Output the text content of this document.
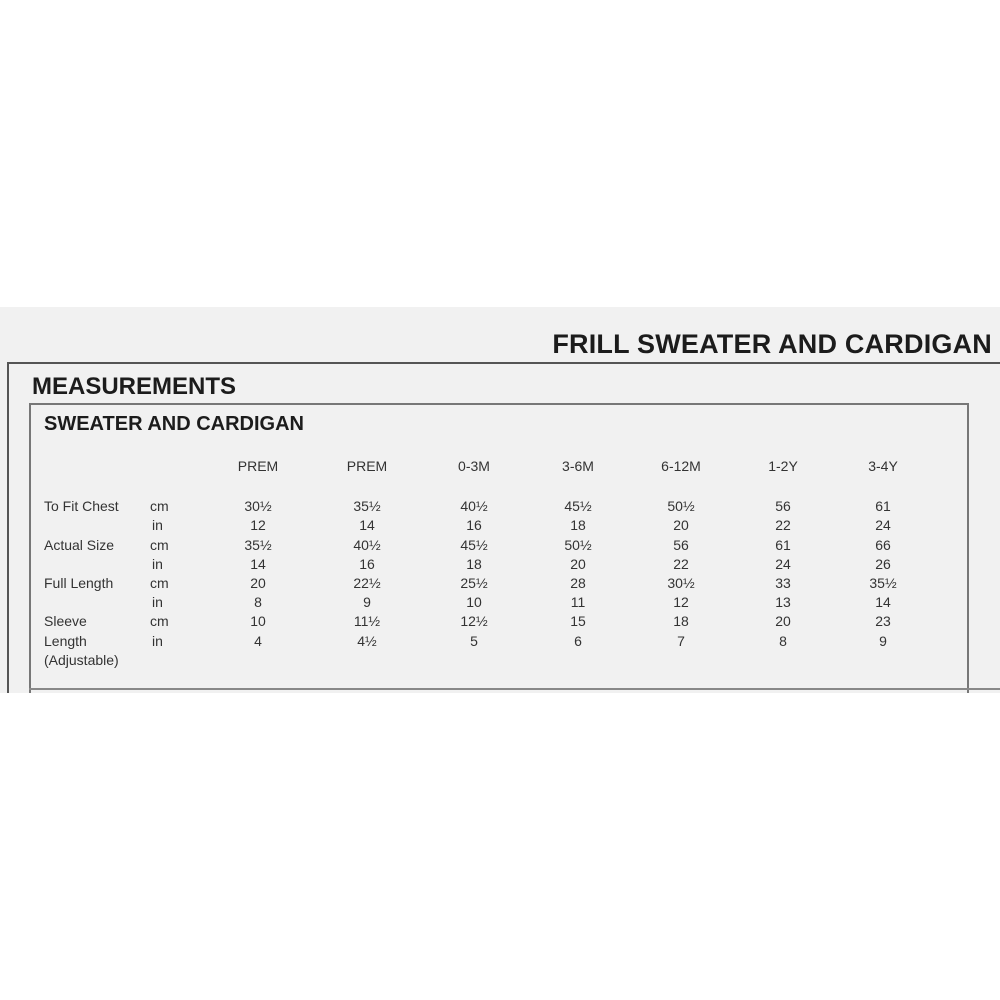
FRILL SWEATER AND CARDIGAN
MEASUREMENTS
SWEATER AND CARDIGAN
PREM	PREM	0-3M	3-6M	6-12M	1-2Y	3-4Y
To Fit Chest cm	30½	35½	40½	45½	50½	56	61
in	12	14	16	18	20	22	24
Actual Size	cm	35½	40½	45½	50½	56	61	66
in	14	16	18	20	22	24	26
Full Length	cm	20	22½	25½	28	30½	33	35½
in	8	9	10	11	12	13	14
Sleeve	cm	10	11½	12½	15	18	20	23
Length	in	4	4½	5	6	7	8	9
(Adjustable)
